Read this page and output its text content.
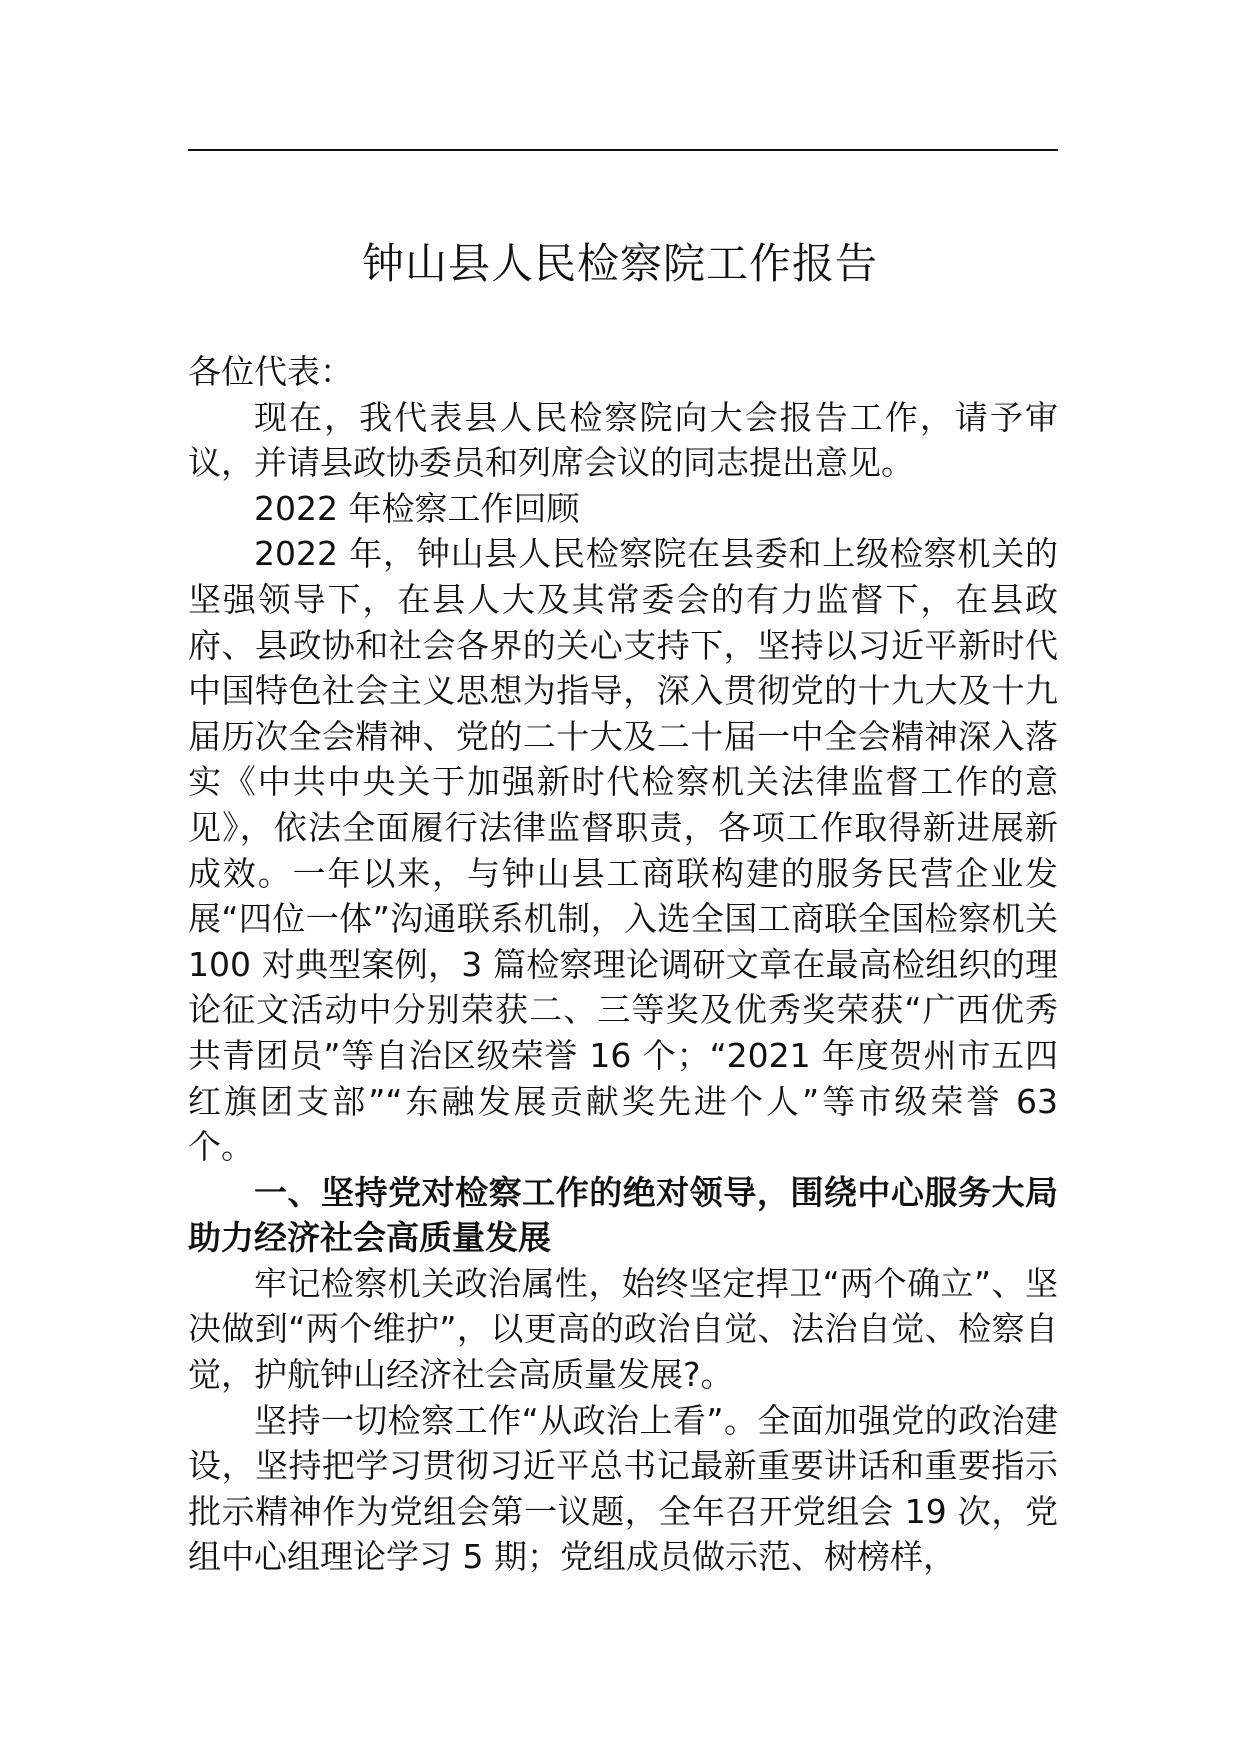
钟山县人民检察院工作报告

各位代表：

现在，我代表县人民检察院向大会报告工作，请予审议，并请县政协委员和列席会议的同志提出意见。

2022 年检察工作回顾

2022 年，钟山县人民检察院在县委和上级检察机关的坚强领导下，在县人大及其常委会的有力监督下，在县政府、县政协和社会各界的关心支持下，坚持以习近平新时代中国特色社会主义思想为指导，深入贯彻党的十九大及十九届历次全会精神、党的二十大及二十届一中全会精神深入落实《中共中央关于加强新时代检察机关法律监督工作的意见》，依法全面履行法律监督职责，各项工作取得新进展新成效。一年以来，与钟山县工商联构建的服务民营企业发展“四位一体”沟通联系机制，入选全国工商联全国检察机关 100 对典型案例，3 篇检察理论调研文章在最高检组织的理论征文活动中分别荣获二、三等奖及优秀奖荣获“广西优秀共青团员”等自治区级荣誉 16 个；“2021 年度贺州市五四红旗团支部”“东融发展贡献奖先进个人”等市级荣誉 63 个。

一、坚持党对检察工作的绝对领导，围绕中心服务大局助力经济社会高质量发展

牢记检察机关政治属性，始终坚定捍卫“两个确立”、坚决做到“两个维护”，以更高的政治自觉、法治自觉、检察自觉，护航钟山经济社会高质量发展?。

坚持一切检察工作“从政治上看”。全面加强党的政治建设，坚持把学习贯彻习近平总书记最新重要讲话和重要指示批示精神作为党组会第一议题，全年召开党组会 19 次，党组中心组理论学习 5 期；党组成员做示范、树榜样，
